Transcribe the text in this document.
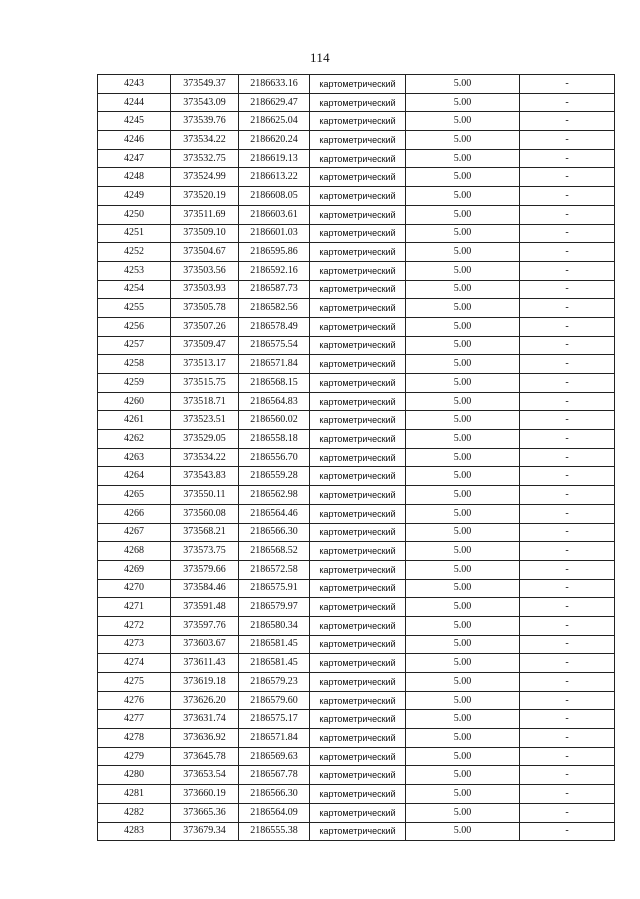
114
4243	373549.37	2186633.16	картометрический	5.00	-
4244	373543.09	2186629.47	картометрический	5.00	-
4245	373539.76	2186625.04	картометрический	5.00	-
4246	373534.22	2186620.24	картометрический	5.00	-
4247	373532.75	2186619.13	картометрический	5.00	-
4248	373524.99	2186613.22	картометрический	5.00	-
4249	373520.19	2186608.05	картометрический	5.00	-
4250	373511.69	2186603.61	картометрический	5.00	-
4251	373509.10	2186601.03	картометрический	5.00	-
4252	373504.67	2186595.86	картометрический	5.00	-
4253	373503.56	2186592.16	картометрический	5.00	-
4254	373503.93	2186587.73	картометрический	5.00	-
4255	373505.78	2186582.56	картометрический	5.00	-
4256	373507.26	2186578.49	картометрический	5.00	-
4257	373509.47	2186575.54	картометрический	5.00	-
4258	373513.17	2186571.84	картометрический	5.00	-
4259	373515.75	2186568.15	картометрический	5.00	-
4260	373518.71	2186564.83	картометрический	5.00	-
4261	373523.51	2186560.02	картометрический	5.00	-
4262	373529.05	2186558.18	картометрический	5.00	-
4263	373534.22	2186556.70	картометрический	5.00	-
4264	373543.83	2186559.28	картометрический	5.00	-
4265	373550.11	2186562.98	картометрический	5.00	-
4266	373560.08	2186564.46	картометрический	5.00	-
4267	373568.21	2186566.30	картометрический	5.00	-
4268	373573.75	2186568.52	картометрический	5.00	-
4269	373579.66	2186572.58	картометрический	5.00	-
4270	373584.46	2186575.91	картометрический	5.00	-
4271	373591.48	2186579.97	картометрический	5.00	-
4272	373597.76	2186580.34	картометрический	5.00	-
4273	373603.67	2186581.45	картометрический	5.00	-
4274	373611.43	2186581.45	картометрический	5.00	-
4275	373619.18	2186579.23	картометрический	5.00	-
4276	373626.20	2186579.60	картометрический	5.00	-
4277	373631.74	2186575.17	картометрический	5.00	-
4278	373636.92	2186571.84	картометрический	5.00	-
4279	373645.78	2186569.63	картометрический	5.00	-
4280	373653.54	2186567.78	картометрический	5.00	-
4281	373660.19	2186566.30	картометрический	5.00	-
4282	373665.36	2186564.09	картометрический	5.00	-
4283	373679.34	2186555.38	картометрический	5.00	-
